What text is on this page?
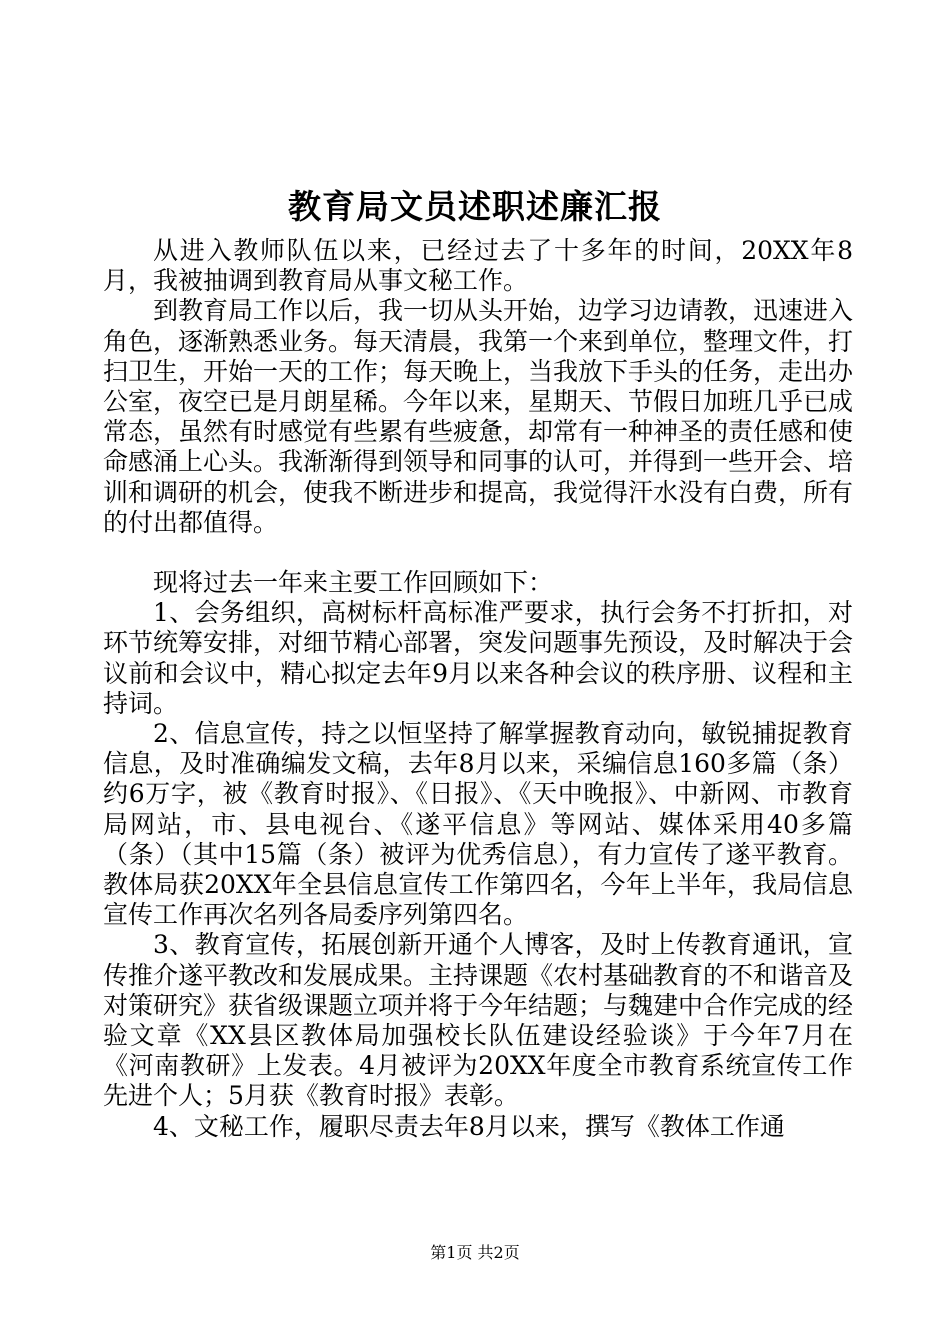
教育局文员述职述廉汇报

从进入教师队伍以来，已经过去了十多年的时间，20XX年8月，我被抽调到教育局从事文秘工作。

到教育局工作以后，我一切从头开始，边学习边请教，迅速进入角色，逐渐熟悉业务。每天清晨，我第一个来到单位，整理文件，打扫卫生，开始一天的工作；每天晚上，当我放下手头的任务，走出办公室，夜空已是月朗星稀。今年以来，星期天、节假日加班几乎已成常态，虽然有时感觉有些累有些疲惫，却常有一种神圣的责任感和使命感涌上心头。我渐渐得到领导和同事的认可，并得到一些开会、培训和调研的机会，使我不断进步和提高，我觉得汗水没有白费，所有的付出都值得。

现将过去一年来主要工作回顾如下：

1、会务组织，高树标杆高标准严要求，执行会务不打折扣，对环节统筹安排，对细节精心部署，突发问题事先预设，及时解决于会议前和会议中，精心拟定去年9月以来各种会议的秩序册、议程和主持词。

2、信息宣传，持之以恒坚持了解掌握教育动向，敏锐捕捉教育信息，及时准确编发文稿，去年8月以来，采编信息160多篇（条）约6万字，被《教育时报》、《日报》、《天中晚报》、中新网、市教育局网站，市、县电视台、《遂平信息》等网站、媒体采用40多篇（条）（其中15篇（条）被评为优秀信息），有力宣传了遂平教育。教体局获20XX年全县信息宣传工作第四名，今年上半年，我局信息宣传工作再次名列各局委序列第四名。

3、教育宣传，拓展创新开通个人博客，及时上传教育通讯，宣传推介遂平教改和发展成果。主持课题《农村基础教育的不和谐音及对策研究》获省级课题立项并将于今年结题；与魏建中合作完成的经验文章《XX县区教体局加强校长队伍建设经验谈》于今年7月在《河南教研》上发表。4月被评为20XX年度全市教育系统宣传工作先进个人；5月获《教育时报》表彰。

4、文秘工作，履职尽责去年8月以来，撰写《教体工作通

第1页 共2页
